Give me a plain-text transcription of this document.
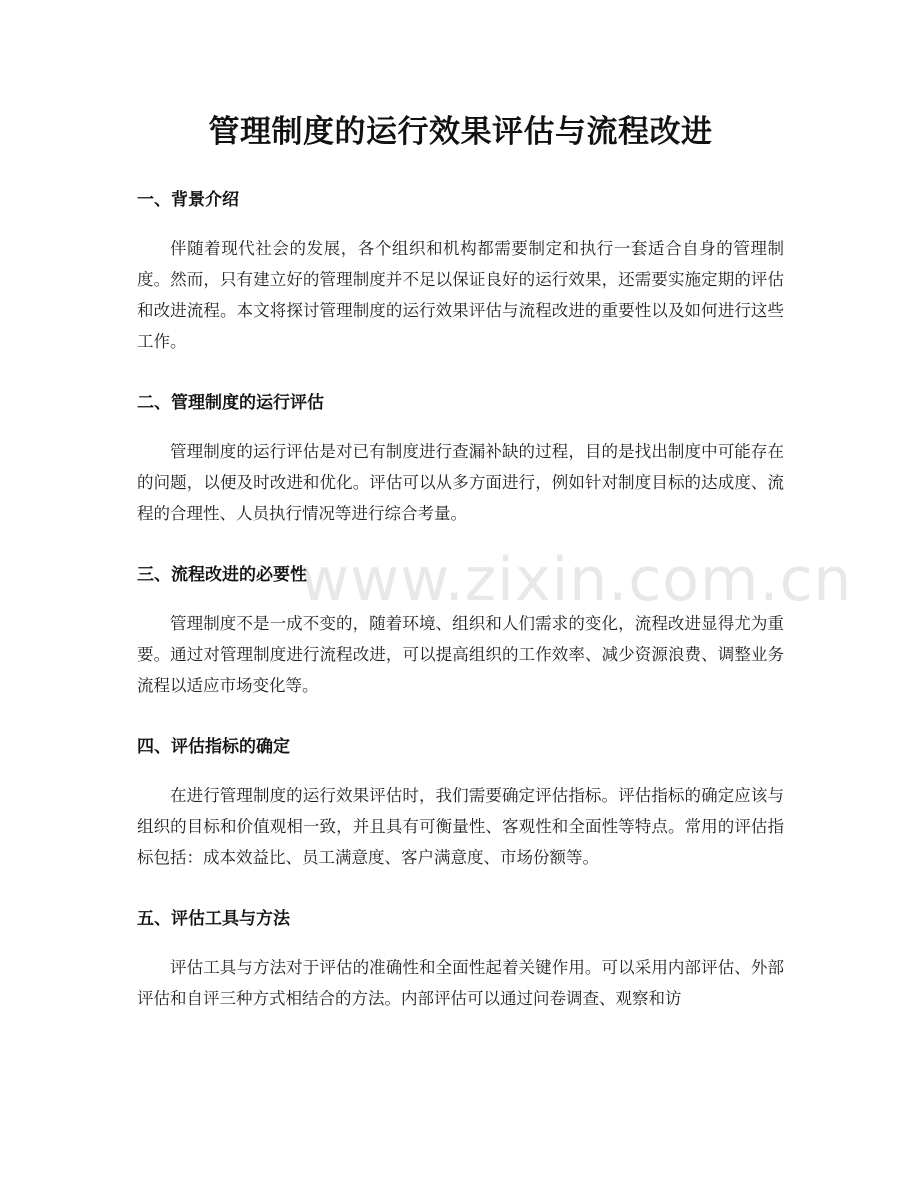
管理制度的运行效果评估与流程改进
一、背景介绍

伴随着现代社会的发展，各个组织和机构都需要制定和执行一套适合自身的管理制度。然而，只有建立好的管理制度并不足以保证良好的运行效果，还需要实施定期的评估和改进流程。本文将探讨管理制度的运行效果评估与流程改进的重要性以及如何进行这些工作。

二、管理制度的运行评估

管理制度的运行评估是对已有制度进行查漏补缺的过程，目的是找出制度中可能存在的问题，以便及时改进和优化。评估可以从多方面进行，例如针对制度目标的达成度、流程的合理性、人员执行情况等进行综合考量。

三、流程改进的必要性

管理制度不是一成不变的，随着环境、组织和人们需求的变化，流程改进显得尤为重要。通过对管理制度进行流程改进，可以提高组织的工作效率、减少资源浪费、调整业务流程以适应市场变化等。

四、评估指标的确定

在进行管理制度的运行效果评估时，我们需要确定评估指标。评估指标的确定应该与组织的目标和价值观相一致，并且具有可衡量性、客观性和全面性等特点。常用的评估指标包括：成本效益比、员工满意度、客户满意度、市场份额等。

五、评估工具与方法

评估工具与方法对于评估的准确性和全面性起着关键作用。可以采用内部评估、外部评估和自评三种方式相结合的方法。内部评估可以通过问卷调查、观察和访

www.zixin.com.cn
